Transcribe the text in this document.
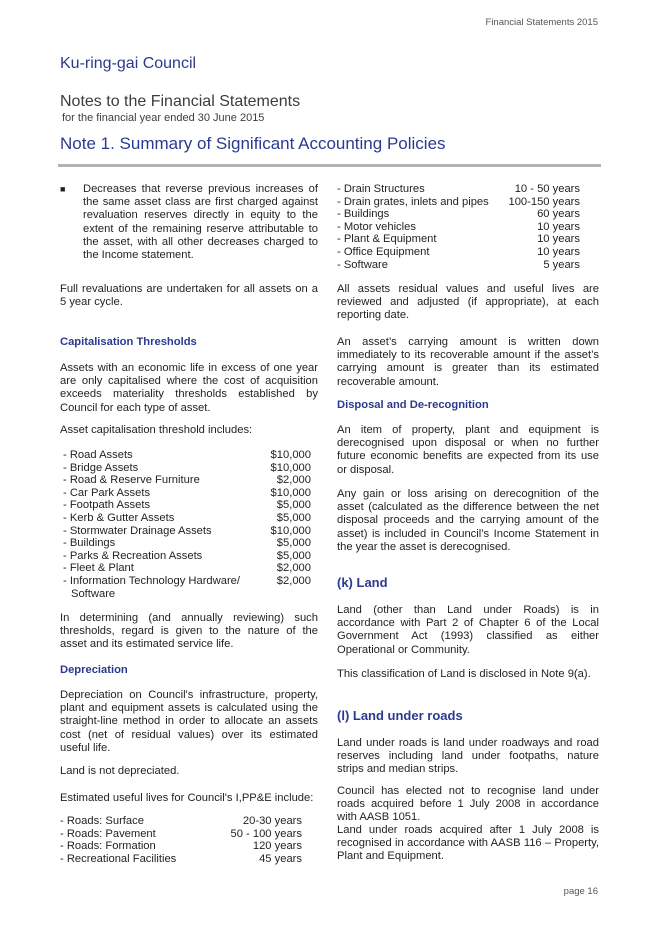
Financial Statements 2015
Ku-ring-gai Council
Notes to the Financial Statements
for the financial year ended 30 June 2015
Note 1. Summary of Significant Accounting Policies
■ Decreases that reverse previous increases of the same asset class are first charged against revaluation reserves directly in equity to the extent of the remaining reserve attributable to the asset, with all other decreases charged to the Income statement.

Full revaluations are undertaken for all assets on a 5 year cycle.

Capitalisation Thresholds

Assets with an economic life in excess of one year are only capitalised where the cost of acquisition exceeds materiality thresholds established by Council for each type of asset.

Asset capitalisation threshold includes:

- Road Assets	$10,000
- Bridge Assets	$10,000
- Road & Reserve Furniture	$2,000
- Car Park Assets	$10,000
- Footpath Assets	$5,000
- Kerb & Gutter Assets	$5,000
- Stormwater Drainage Assets	$10,000
- Buildings	$5,000
- Parks & Recreation Assets	$5,000
- Fleet & Plant	$2,000
- Information Technology Hardware/
Software
$2,000

In determining (and annually reviewing) such thresholds, regard is given to the nature of the asset and its estimated service life.

Depreciation

Depreciation on Council's infrastructure, property, plant and equipment assets is calculated using the straight-line method in order to allocate an assets cost (net of residual values) over its estimated useful life.

Land is not depreciated.

Estimated useful lives for Council's I,PP&E include:

- Roads: Surface	20-30 years
- Roads: Pavement	50 - 100 years
- Roads: Formation	120 years
- Recreational Facilities	45 years
- Drain Structures	10 - 50 years
- Drain grates, inlets and pipes 100-150 years
- Buildings	60 years
- Motor vehicles	10 years
- Plant & Equipment	10 years
- Office Equipment	10 years
- Software	5 years

All assets residual values and useful lives are reviewed and adjusted (if appropriate), at each reporting date.

An asset’s carrying amount is written down immediately to its recoverable amount if the asset’s carrying amount is greater than its estimated recoverable amount.

Disposal and De-recognition

An item of property, plant and equipment is derecognised upon disposal or when no further future economic benefits are expected from its use or disposal.

Any gain or loss arising on derecognition of the asset (calculated as the difference between the net disposal proceeds and the carrying amount of the asset) is included in Council’s Income Statement in the year the asset is derecognised.

(k) Land

Land (other than Land under Roads) is in accordance with Part 2 of Chapter 6 of the Local Government Act (1993) classified as either Operational or Community.

This classification of Land is disclosed in Note 9(a).

(l) Land under roads

Land under roads is land under roadways and road reserves including land under footpaths, nature strips and median strips.

Council has elected not to recognise land under roads acquired before 1 July 2008 in accordance with AASB 1051.

Land under roads acquired after 1 July 2008 is recognised in accordance with AASB 116 – Property, Plant and Equipment.

page 16
